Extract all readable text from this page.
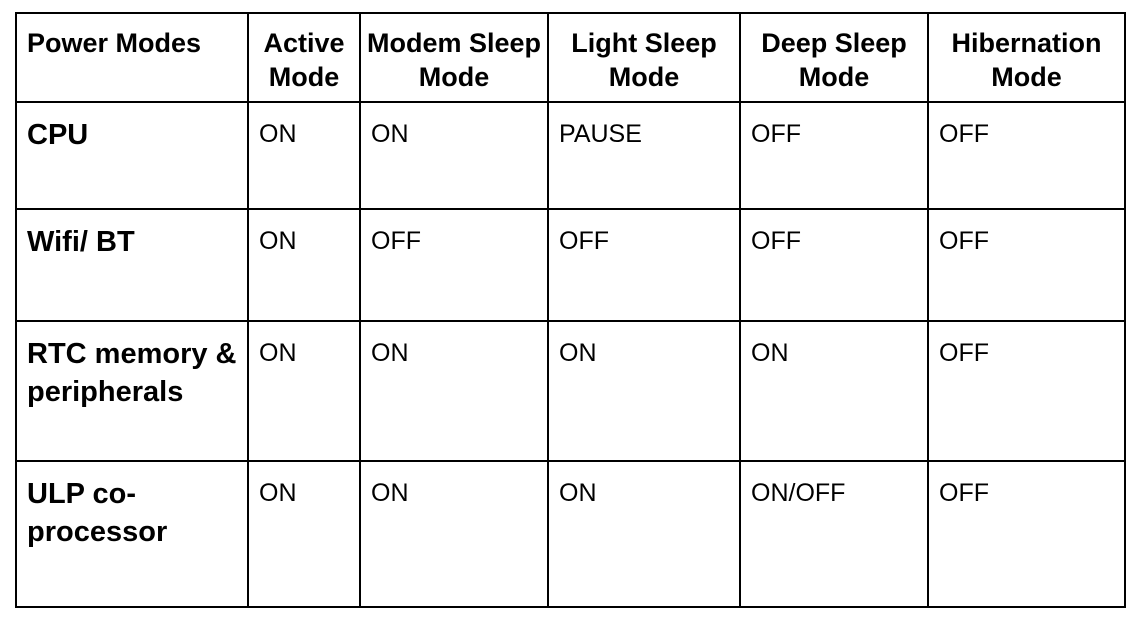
Power Modes	Active Mode	Modem Sleep Mode	Light Sleep Mode	Deep Sleep Mode	Hibernation Mode
CPU	ON	ON	PAUSE	OFF	OFF
Wifi/ BT	ON	OFF	OFF	OFF	OFF
RTC memory & peripherals	ON	ON	ON	ON	OFF
ULP co-processor	ON	ON	ON	ON/OFF	OFF
